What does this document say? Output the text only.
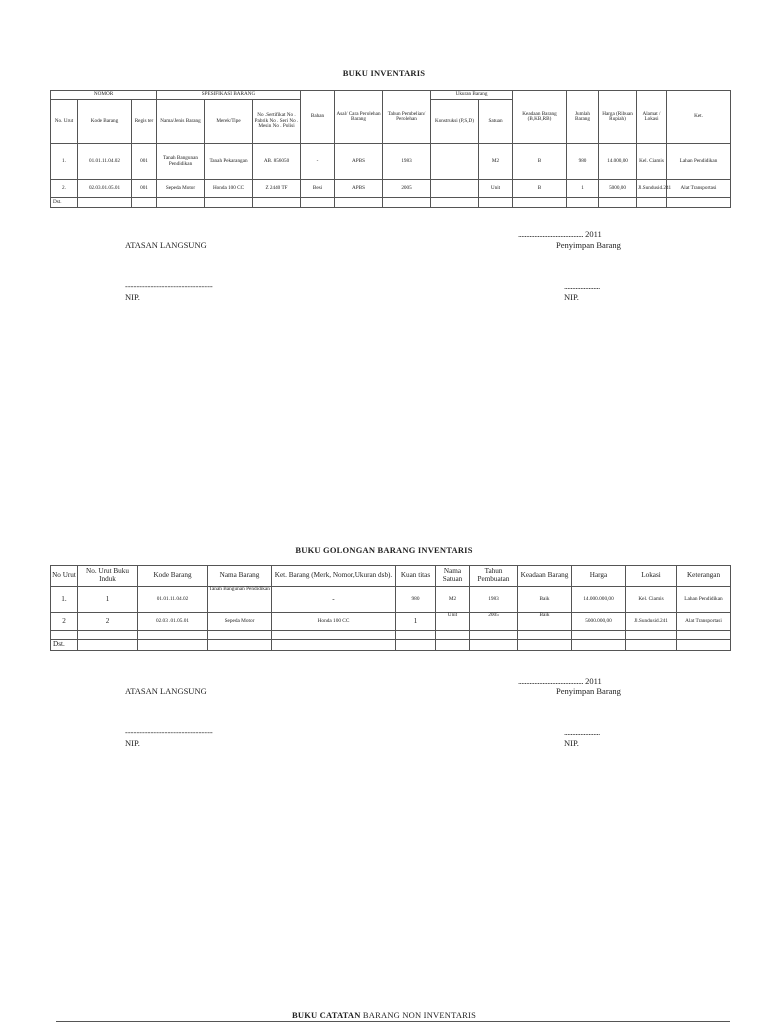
BUKU INVENTARIS
NOMOR			SPESIFIKASI BARANG			Bahan	Asal/ Cara Perolehan Barang	Tahun Pembelian/ Perolehan	Ukuran Barang		Keadaan Barang (B,KB,RB)	Jumlah Barang	Harga (Ribuan Rupiah)	Alamat / Lokasi	Ket.
No. Urut	Kode Barang	Regis ter	Nama/Jenis Barang	Merek/Tipe	No .Sertifikat No . Pabrik No . Seri No . Mesin No . Polisi				Konstruksi (P,S,D)	Satuan					
1.	01.01.11.04.02	001	Tanah Bangunan Pendidikan	Tanah Pekarangan	AB. 856050	-	APBS	1983		M2	B	980	14.000,00	Kel. Ciamis	Lahan Pendidikan
2.	02.03.01.05.01	001	Sepeda Motor	Honda 100 CC	Z 2440 TF	Besi	APBS	2005		Unit	B	1	5000,00	Jl.Sundusid.241	Alat Transportasi
Dst.															
........................................ 2011
ATASAN LANGSUNG	Penyimpan Barang
-------------------------------	......................
NIP.	NIP.
BUKU GOLONGAN BARANG INVENTARIS
No Urut	No. Urut Buku Induk	Kode Barang	Nama Barang	Ket. Barang (Merk, Nomor,Ukuran dsb).	Kuan titas	Nama Satuan	Tahun Pembuatan	Keadaan Barang	Harga	Lokasi	Keterangan
1.	1	01.01.11.04.02	Tanah Bangunan Pendidikan	-	980	M2	1983	Baik	14.000.000,00	Kel. Ciamis	Lahan Pendidikan
2	2	02.03 .01.05.01	Sepeda Motor	Honda 100 CC	1	Unit	2005	Baik	5000.000,00	Jl.Sundusid.241	Alat Transportasi

Dst.											
........................................ 2011
ATASAN LANGSUNG	Penyimpan Barang
-------------------------------	......................
NIP.	NIP.
BUKU CATATAN BARANG NON INVENTARIS
